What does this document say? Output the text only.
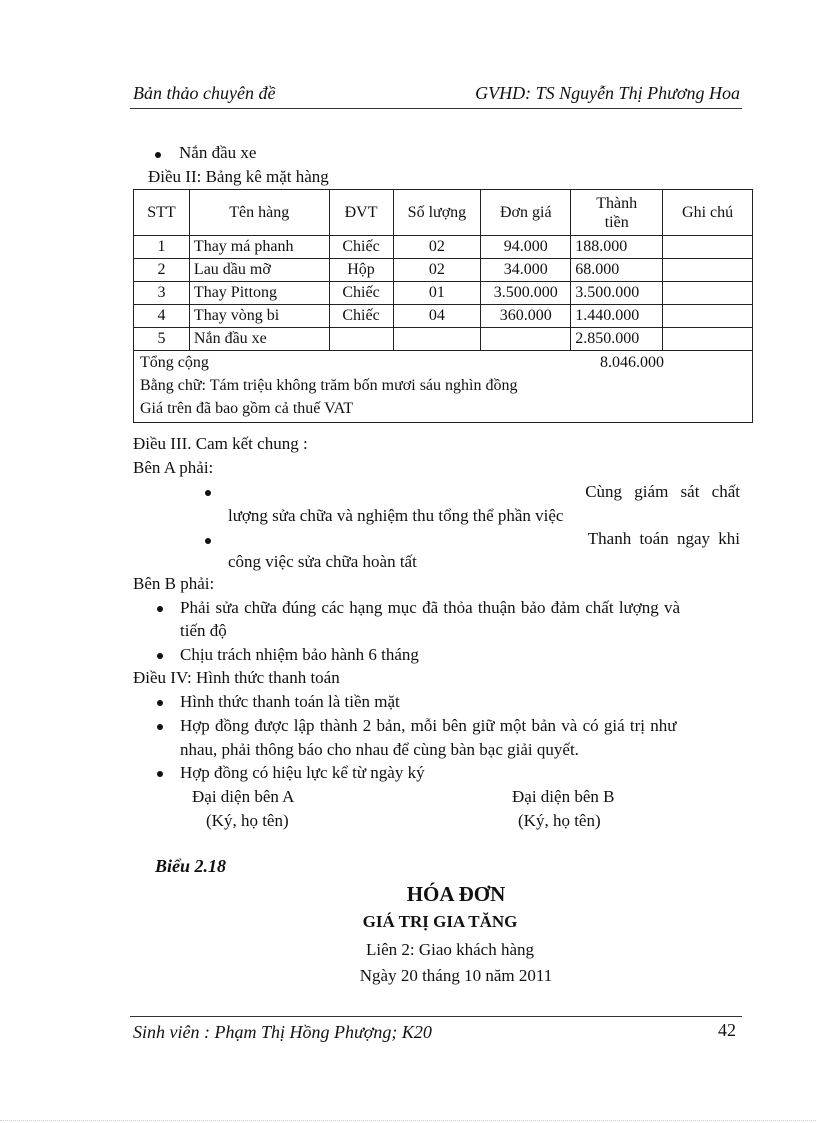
Bản thảo chuyên đề	GVHD: TS Nguyễn Thị Phương Hoa
Nắn đầu xe
Điều II: Bảng kê mặt hàng
STT	Tên hàng	ĐVT	Số lượng	Đơn giá	Thành tiền	Ghi chú
1	Thay má phanh	Chiếc	02	94.000	188.000	
2	Lau dầu mỡ	Hộp	02	34.000	68.000	
3	Thay Pittong	Chiếc	01	3.500.000	3.500.000	
4	Thay vòng bi	Chiếc	04	360.000	1.440.000	
5	Nắn đầu xe				2.850.000	

Tổng cộng 8.046.000
Bằng chữ: Tám triệu không trăm bốn mươi sáu nghìn đồng
Giá trên đã bao gồm cả thuế VAT						
Điều III. Cam kết chung :
Bên A phải:
Cùng giám sát chất
lượng sửa chữa và nghiệm thu tổng thể phần việc
Thanh toán ngay khi
công việc sửa chữa hoàn tất
Bên B phải:
Phải sửa chữa đúng các hạng mục đã thỏa thuận bảo đảm chất lượng và
tiến độ
Chịu trách nhiệm bảo hành 6 tháng
Điều IV: Hình thức thanh toán
Hình thức thanh toán là tiền mặt
Hợp đồng được lập thành 2 bản, mỗi bên giữ một bản và có giá trị như
nhau, phải thông báo cho nhau để cùng bàn bạc giải quyết.
Hợp đồng có hiệu lực kể từ ngày ký
Đại diện bên A
(Ký, họ tên)
Đại diện bên B
(Ký, họ tên)
Biểu 2.18
HÓA ĐƠN
GIÁ TRỊ GIA TĂNG
Liên 2: Giao khách hàng
Ngày 20 tháng 10 năm 2011
Sinh viên : Phạm Thị Hồng Phượng; K20	42
